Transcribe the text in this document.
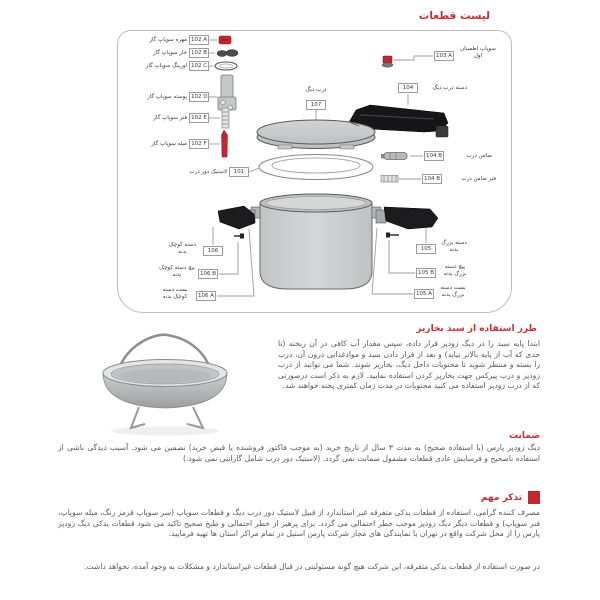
لیست قطعات
102 A
مهره سوپاپ گاز
102 B
خار سوپاپ گاز
102 C
اورینگ سوپاپ گاز
102 D
پوسته سوپاپ گاز
102 E
فنر سوپاپ گاز
102 F
میله سوپاپ گاز
101
لاستیک دور درب
103 A
سوپاپ اطمینان اول
درب دیگ
107
104	دسته درب دیگ
104 B	ضامن درب
104 B	فنر ضامن درب
105
دسته بزرگ بدنه
105 B
پیچ دسته بزرگ بدنه
105 A
بست دسته بزرگ بدنه
106
دسته کوچک بدنه
106 B
پیچ دسته کوچک بدنه
106 A
بست دسته کوچک بدنه
طرز استفاده از سبد بخارپز
ابتدا پایه سبد را در دیگ زودپز قرار داده، سپس مقدار آب کافی در آن ریخته (تا حدی که آب از پایه بالاتر نیاید) و بعد از قرار دادن سبد و موادغذایی درون آن، درب را بسته و منتظر شوید تا محتویات داخل دیگ، بخارپز شوند. شما می توانید از درب زودپز و درب پیرکس جهت بخارپز کردن استفاده نمایید. لازم به ذکر است درصورتی که از درب زودپز استفاده می کنید محتویات در مدت زمان کمتری پخته خواهند شد.
ضمانت
دیگ زودپز پارس (با استفاده صحیح) به مدت ۳ سال از تاریخ خرید (به موجب فاکتور فروشنده یا قبض خرید) تضمین می شود. آسیب دیدگی ناشی از استفاده ناصحیح و فرسایش عادی قطعات مشمول ضمانت نمی گردد. (لاستیک دور درب شامل گارانتی نمی شود.)
تذکر مهم
مصرف کننده گرامی، استفاده از قطعات یدکی متفرقه غیر استاندارد از قبیل لاستیک دور درب دیگ و قطعات سوپاپ (سر سوپاپ قرمز رنگ، میله سوپاپ، فنر سوپاپ) و قطعات دیگر دیگ زودپز موجب خطر احتمالی می گردد. برای پرهیز از خطر احتمالی و طبخ صحیح تاکید می شود قطعات یدکی دیگ زودپز پارس را از محل شرکت واقع در تهران یا نمایندگی های مجاز شرکت پارس استیل در تمام مراکز استان ها تهیه فرمایید.
در صورت استفاده از قطعات یدکی متفرقه، این شرکت هیچ گونه مسئولیتی در قبال قطعات غیراستاندارد و مشکلات به وجود آمده، نخواهد داشت.
